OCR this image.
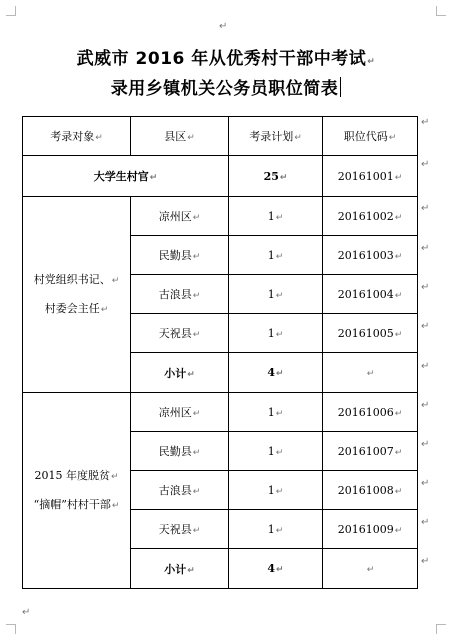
↵
武威市 2016 年从优秀村干部中考试↵
录用乡镇机关公务员职位简表
↵
考录对象↵	县区↵	考录计划↵	职位代码↵
大学生村官↵		25↵	20161001↵
村党组织书记、↵
村委会主任↵	凉州区↵	1↵	20161002↵
	民勤县↵	1↵	20161003↵
	古浪县↵	1↵	20161004↵
	天祝县↵	1↵	20161005↵
	小计↵	4↵	↵
2015 年度脱贫↵
“摘帽”村村干部↵	凉州区↵	1↵	20161006↵
	民勤县↵	1↵	20161007↵
	古浪县↵	1↵	20161008↵
	天祝县↵	1↵	20161009↵
	小计↵	4↵	↵
↵
↵
↵
↵
↵
↵
↵
↵
↵
↵
↵
↵
